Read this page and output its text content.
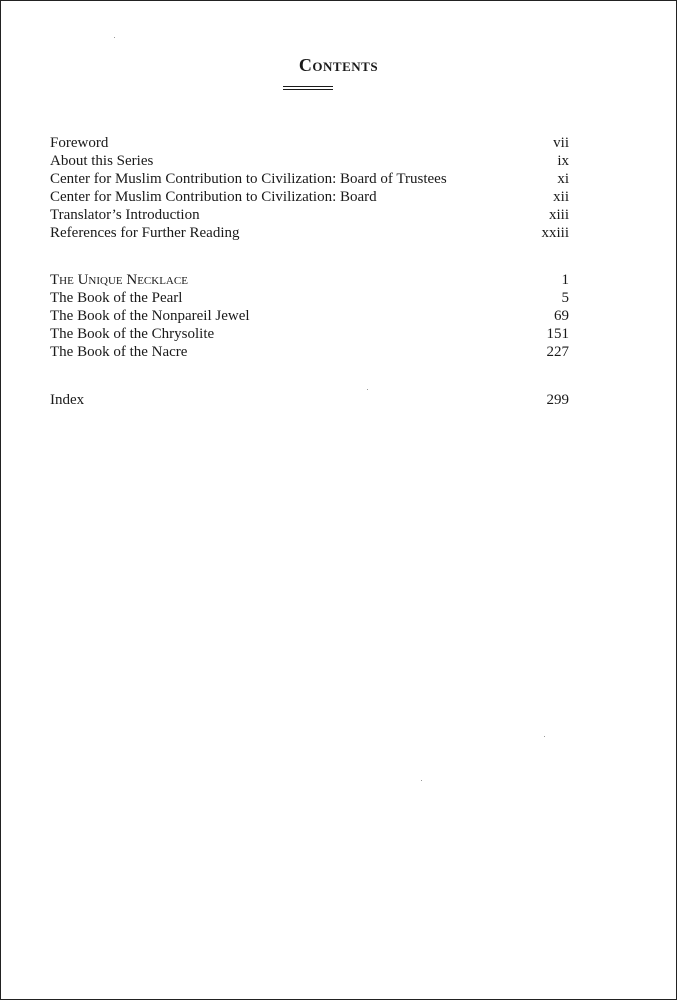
Contents
Foreword	vii
About this Series	ix
Center for Muslim Contribution to Civilization: Board of Trustees	xi
Center for Muslim Contribution to Civilization: Board	xii
Translator’s Introduction	xiii
References for Further Reading	xxiii
The Unique Necklace	1
The Book of the Pearl	5
The Book of the Nonpareil Jewel	69
The Book of the Chrysolite	151
The Book of the Nacre	227
Index	299
